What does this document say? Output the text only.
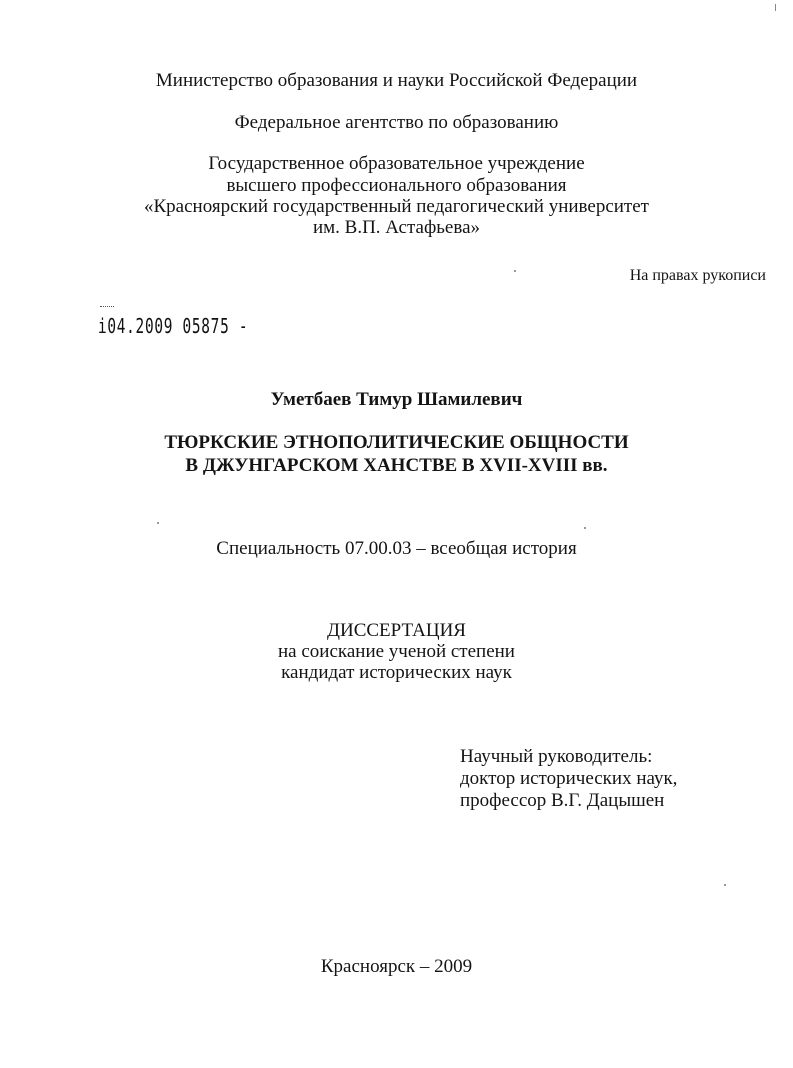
Министерство образования и науки Российской Федерации
Федеральное агентство по образованию
Государственное образовательное учреждение
высшего профессионального образования
«Красноярский государственный педагогический университет
им. В.П. Астафьева»
На правах рукописи
i04.2009 05875 -
Уметбаев Тимур Шамилевич
ТЮРКСКИЕ ЭТНОПОЛИТИЧЕСКИЕ ОБЩНОСТИ
В ДЖУНГАРСКОМ ХАНСТВЕ В XVII-XVIII вв.
Специальность 07.00.03 – всеобщая история
ДИССЕРТАЦИЯ
на соискание ученой степени
кандидат исторических наук
Научный руководитель:
доктор исторических наук,
профессор В.Г. Дацышен
Красноярск – 2009
